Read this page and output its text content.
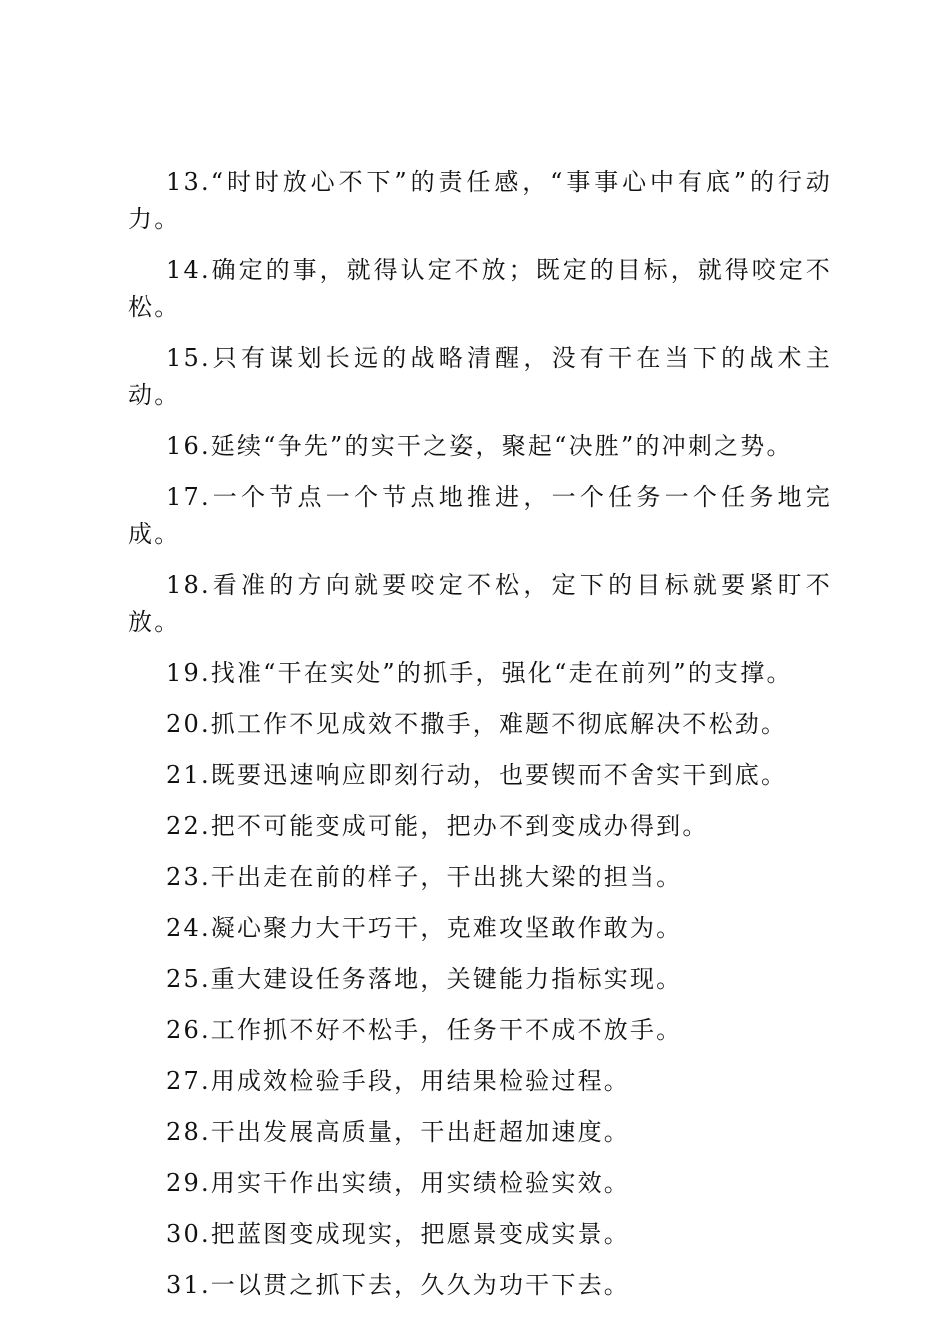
13.“时时放心不下”的责任感，“事事心中有底”的行动力。

14.确定的事，就得认定不放；既定的目标，就得咬定不松。

15.只有谋划长远的战略清醒，没有干在当下的战术主动。

16.延续“争先”的实干之姿，聚起“决胜”的冲刺之势。

17.一个节点一个节点地推进，一个任务一个任务地完成。

18.看准的方向就要咬定不松，定下的目标就要紧盯不放。

19.找准“干在实处”的抓手，强化“走在前列”的支撑。

20.抓工作不见成效不撒手，难题不彻底解决不松劲。

21.既要迅速响应即刻行动，也要锲而不舍实干到底。

22.把不可能变成可能，把办不到变成办得到。

23.干出走在前的样子，干出挑大梁的担当。

24.凝心聚力大干巧干，克难攻坚敢作敢为。

25.重大建设任务落地，关键能力指标实现。

26.工作抓不好不松手，任务干不成不放手。

27.用成效检验手段，用结果检验过程。

28.干出发展高质量，干出赶超加速度。

29.用实干作出实绩，用实绩检验实效。

30.把蓝图变成现实，把愿景变成实景。

31.一以贯之抓下去，久久为功干下去。
